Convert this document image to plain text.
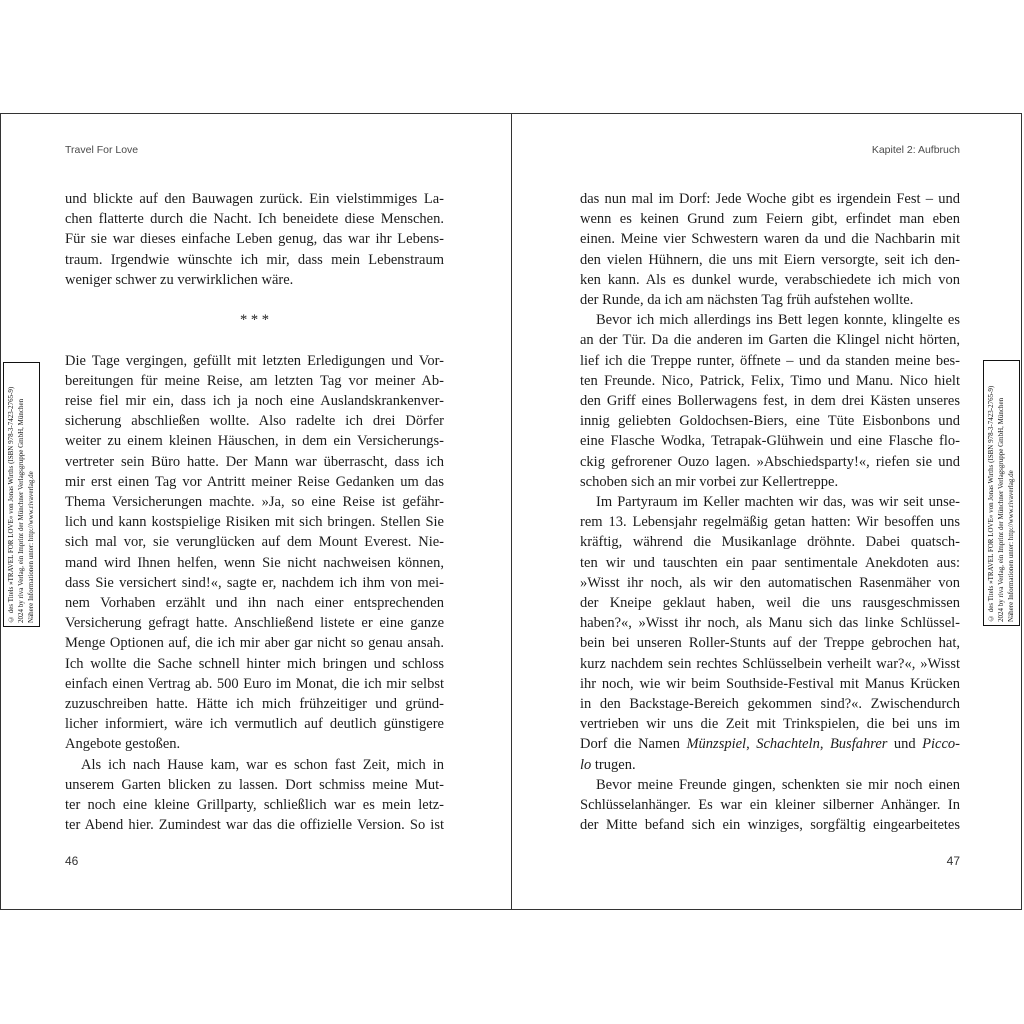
Travel For Love
und blickte auf den Bauwagen zurück. Ein vielstimmiges La-
chen flatterte durch die Nacht. Ich beneidete diese Menschen.
Für sie war dieses einfache Leben genug, das war ihr Lebens-
traum. Irgendwie wünschte ich mir, dass mein Lebenstraum
weniger schwer zu verwirklichen wäre.
* * *
Die Tage vergingen, gefüllt mit letzten Erledigungen und Vor-
bereitungen für meine Reise, am letzten Tag vor meiner Ab-
reise fiel mir ein, dass ich ja noch eine Auslandskrankenver-
sicherung abschließen wollte. Also radelte ich drei Dörfer
weiter zu einem kleinen Häuschen, in dem ein Versicherungs-
vertreter sein Büro hatte. Der Mann war überrascht, dass ich
mir erst einen Tag vor Antritt meiner Reise Gedanken um das
Thema Versicherungen machte. »Ja, so eine Reise ist gefähr-
lich und kann kostspielige Risiken mit sich bringen. Stellen Sie
sich mal vor, sie verunglücken auf dem Mount Everest. Nie-
mand wird Ihnen helfen, wenn Sie nicht nachweisen können,
dass Sie versichert sind!«, sagte er, nachdem ich ihm von mei-
nem Vorhaben erzählt und ihn nach einer entsprechenden
Versicherung gefragt hatte. Anschließend listete er eine ganze
Menge Optionen auf, die ich mir aber gar nicht so genau ansah.
Ich wollte die Sache schnell hinter mich bringen und schloss
einfach einen Vertrag ab. 500 Euro im Monat, die ich mir selbst
zuzuschreiben hatte. Hätte ich mich frühzeitiger und gründ-
licher informiert, wäre ich vermutlich auf deutlich günstigere
Angebote gestoßen.
Als ich nach Hause kam, war es schon fast Zeit, mich in
unserem Garten blicken zu lassen. Dort schmiss meine Mut-
ter noch eine kleine Grillparty, schließlich war es mein letz-
ter Abend hier. Zumindest war das die offizielle Version. So ist
46
© des Titels »TRAVEL FOR LOVE« von Jonas Wirths (ISBN 978-3-7423-2765-9) 2024 by riva Verlag, ein Imprint der Münchner Verlagsgruppe GmbH, München Nähere Informationen unter: http://www.rivaverlag.de
Kapitel 2: Aufbruch
das nun mal im Dorf: Jede Woche gibt es irgendein Fest – und
wenn es keinen Grund zum Feiern gibt, erfindet man eben
einen. Meine vier Schwestern waren da und die Nachbarin mit
den vielen Hühnern, die uns mit Eiern versorgte, seit ich den-
ken kann. Als es dunkel wurde, verabschiedete ich mich von
der Runde, da ich am nächsten Tag früh aufstehen wollte.
Bevor ich mich allerdings ins Bett legen konnte, klingelte es
an der Tür. Da die anderen im Garten die Klingel nicht hörten,
lief ich die Treppe runter, öffnete – und da standen meine bes-
ten Freunde. Nico, Patrick, Felix, Timo und Manu. Nico hielt
den Griff eines Bollerwagens fest, in dem drei Kästen unseres
innig geliebten Goldochsen-Biers, eine Tüte Eisbonbons und
eine Flasche Wodka, Tetrapak-Glühwein und eine Flasche flo-
ckig gefrorener Ouzo lagen. »Abschiedsparty!«, riefen sie und
schoben sich an mir vorbei zur Kellertreppe.
Im Partyraum im Keller machten wir das, was wir seit unse-
rem 13. Lebensjahr regelmäßig getan hatten: Wir besoffen uns
kräftig, während die Musikanlage dröhnte. Dabei quatsch-
ten wir und tauschten ein paar sentimentale Anekdoten aus:
»Wisst ihr noch, als wir den automatischen Rasenmäher von
der Kneipe geklaut haben, weil die uns rausgeschmissen
haben?«, »Wisst ihr noch, als Manu sich das linke Schlüssel-
bein bei unseren Roller-Stunts auf der Treppe gebrochen hat,
kurz nachdem sein rechtes Schlüsselbein verheilt war?«, »Wisst
ihr noch, wie wir beim Southside-Festival mit Manus Krücken
in den Backstage-Bereich gekommen sind?«. Zwischendurch
vertrieben wir uns die Zeit mit Trinkspielen, die bei uns im
Dorf die Namen Münzspiel, Schachteln, Busfahrer und Picco-
lo trugen.
Bevor meine Freunde gingen, schenkten sie mir noch einen
Schlüsselanhänger. Es war ein kleiner silberner Anhänger. In
der Mitte befand sich ein winziges, sorgfältig eingearbeitetes
47
© des Titels »TRAVEL FOR LOVE« von Jonas Wirths (ISBN 978-3-7423-2765-9) 2024 by riva Verlag, ein Imprint der Münchner Verlagsgruppe GmbH, München Nähere Informationen unter: http://www.rivaverlag.de
